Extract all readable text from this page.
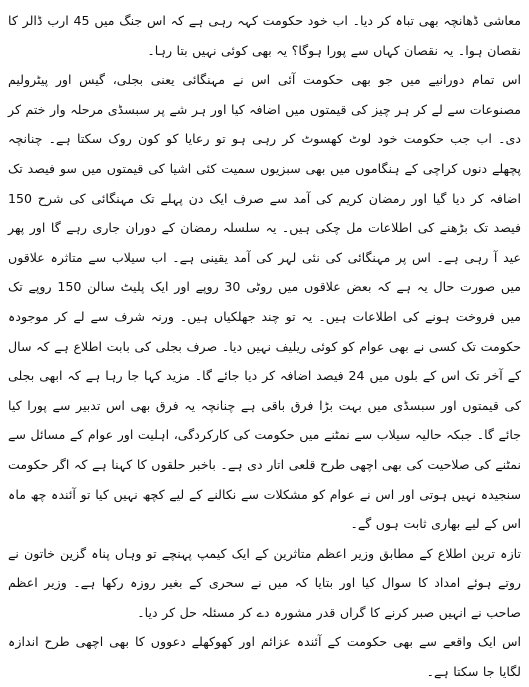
معاشی ڈھانچہ بھی تباہ کر دیا۔ اب خود حکومت کہہ رہی ہے کہ اس جنگ میں 45 ارب ڈالر کا نقصان ہوا۔ یہ نقصان کہاں سے پورا ہوگا؟ یہ بھی کوئی نہیں بتا رہا۔

اس تمام دورانیے میں جو بھی حکومت آئی اس نے مہنگائی یعنی بجلی، گیس اور پیٹرولیم مصنوعات سے لے کر ہر چیز کی قیمتوں میں اضافہ کیا اور ہر شے پر سبسڈی مرحلہ وار ختم کر دی۔ اب جب حکومت خود لوٹ کھسوٹ کر رہی ہو تو رعایا کو کون روک سکتا ہے۔ چنانچہ پچھلے دنوں کراچی کے ہنگاموں میں بھی سبزیوں سمیت کئی اشیا کی قیمتوں میں سو فیصد تک اضافہ کر دیا گیا اور رمضان کریم کی آمد سے صرف ایک دن پہلے تک مہنگائی کی شرح 150 فیصد تک بڑھنے کی اطلاعات مل چکی ہیں۔ یہ سلسلہ رمضان کے دوران جاری رہے گا اور پھر عید آ رہی ہے۔ اس پر مہنگائی کی نئی لہر کی آمد یقینی ہے۔ اب سیلاب سے متاثرہ علاقوں میں صورت حال یہ ہے کہ بعض علاقوں میں روٹی 30 روپے اور ایک پلیٹ سالن 150 روپے تک میں فروخت ہونے کی اطلاعات ہیں۔ یہ تو چند جھلکیاں ہیں۔ ورنہ شرف سے لے کر موجودہ حکومت تک کسی نے بھی عوام کو کوئی ریلیف نہیں دیا۔ صرف بجلی کی بابت اطلاع ہے کہ سال کے آخر تک اس کے بلوں میں 24 فیصد اضافہ کر دیا جائے گا۔ مزید کہا جا رہا ہے کہ ابھی بجلی کی قیمتوں اور سبسڈی میں بہت بڑا فرق باقی ہے چنانچہ یہ فرق بھی اس تدبیر سے پورا کیا جائے گا۔ جبکہ حالیہ سیلاب سے نمٹنے میں حکومت کی کارکردگی، اہلیت اور عوام کے مسائل سے نمٹنے کی صلاحیت کی بھی اچھی طرح قلعی اتار دی ہے۔ باخبر حلقوں کا کہنا ہے کہ اگر حکومت سنجیدہ نہیں ہوتی اور اس نے عوام کو مشکلات سے نکالنے کے لیے کچھ نہیں کیا تو آئندہ چھ ماہ اس کے لیے بھاری ثابت ہوں گے۔

تازہ ترین اطلاع کے مطابق وزیر اعظم متاثرین کے ایک کیمپ پہنچے تو وہاں پناہ گزین خاتون نے روتے ہوئے امداد کا سوال کیا اور بتایا کہ میں نے سحری کے بغیر روزہ رکھا ہے۔ وزیر اعظم صاحب نے انہیں صبر کرنے کا گراں قدر مشورہ دے کر مسئلہ حل کر دیا۔

اس ایک واقعے سے بھی حکومت کے آئندہ عزائم اور کھوکھلے دعووں کا بھی اچھی طرح اندازہ لگایا جا سکتا ہے۔
